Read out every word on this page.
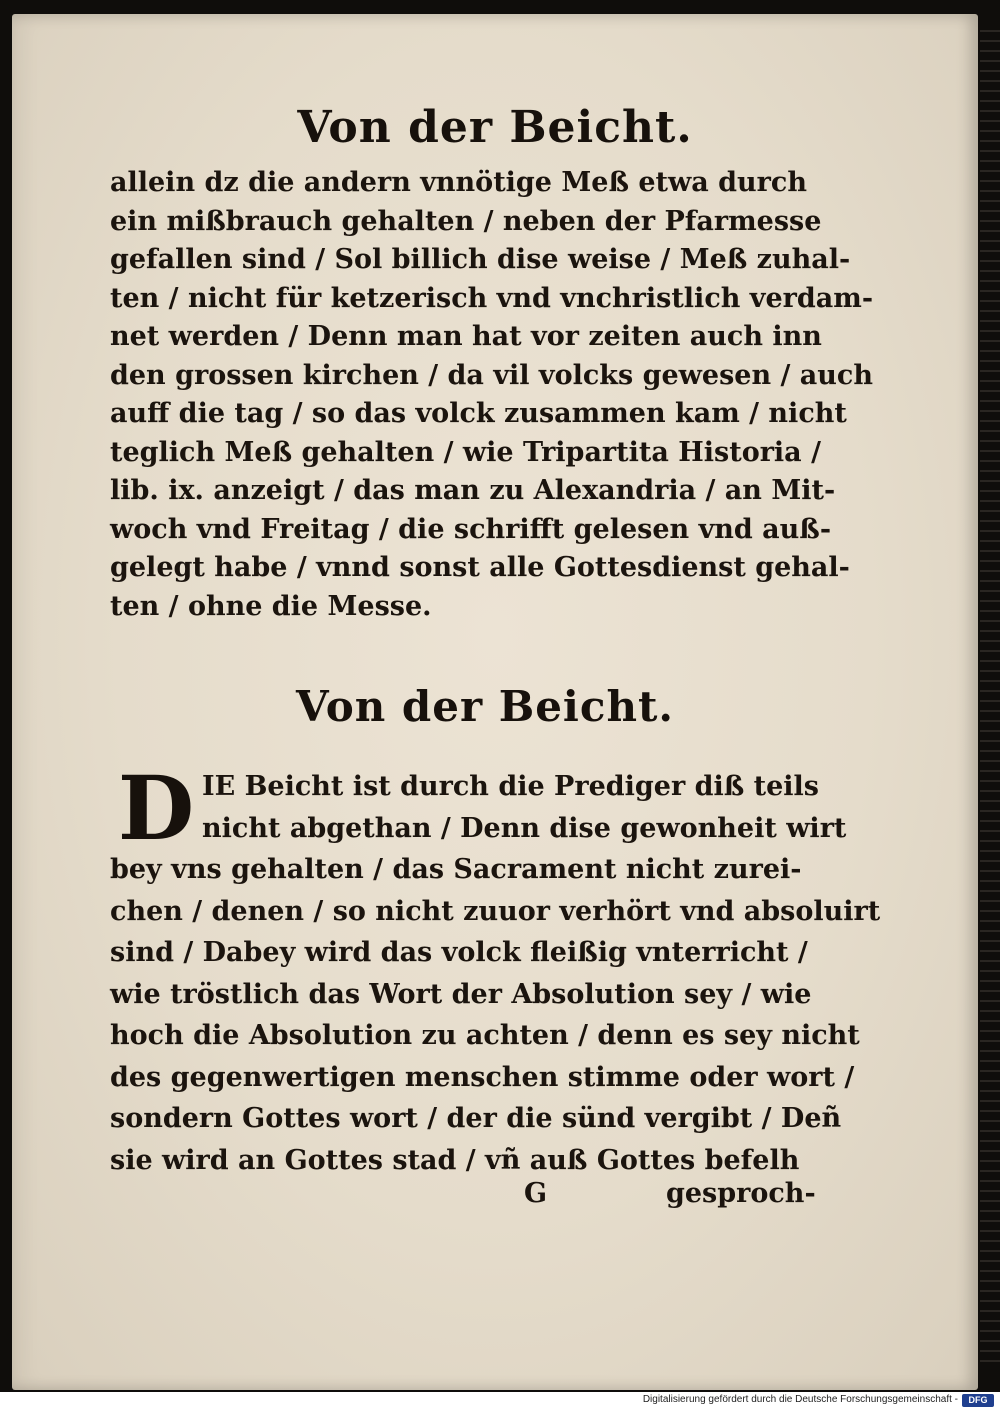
Von der Beicht.
allein dz die andern vnnötige Meß etwa durch
ein mißbrauch gehalten / neben der Pfarmesse
gefallen sind / Sol billich dise weise / Meß zuhal-
ten / nicht für ketzerisch vnd vnchristlich verdam-
net werden / Denn man hat vor zeiten auch inn
den grossen kirchen / da vil volcks gewesen / auch
auff die tag / so das volck zusammen kam / nicht
teglich Meß gehalten / wie Tripartita Historia /
lib. ix. anzeigt / das man zu Alexandria / an Mit-
woch vnd Freitag / die schrifft gelesen vnd auß-
gelegt habe / vnnd sonst alle Gottesdienst gehal-
ten / ohne die Messe.
Von der Beicht.
D IE Beicht ist durch die Prediger diß teils
nicht abgethan / Denn dise gewonheit wirt
bey vns gehalten / das Sacrament nicht zurei-
chen / denen / so nicht zuuor verhört vnd absoluirt
sind / Dabey wird das volck fleißig vnterricht /
wie tröstlich das Wort der Absolution sey / wie
hoch die Absolution zu achten / denn es sey nicht
des gegenwertigen menschen stimme oder wort /
sondern Gottes wort / der die sünd vergibt / Deñ
sie wird an Gottes stad / vñ auß Gottes befelh
G	gesproch-
Digitalisierung gefördert durch die Deutsche Forschungsgemeinschaft -	DFG
